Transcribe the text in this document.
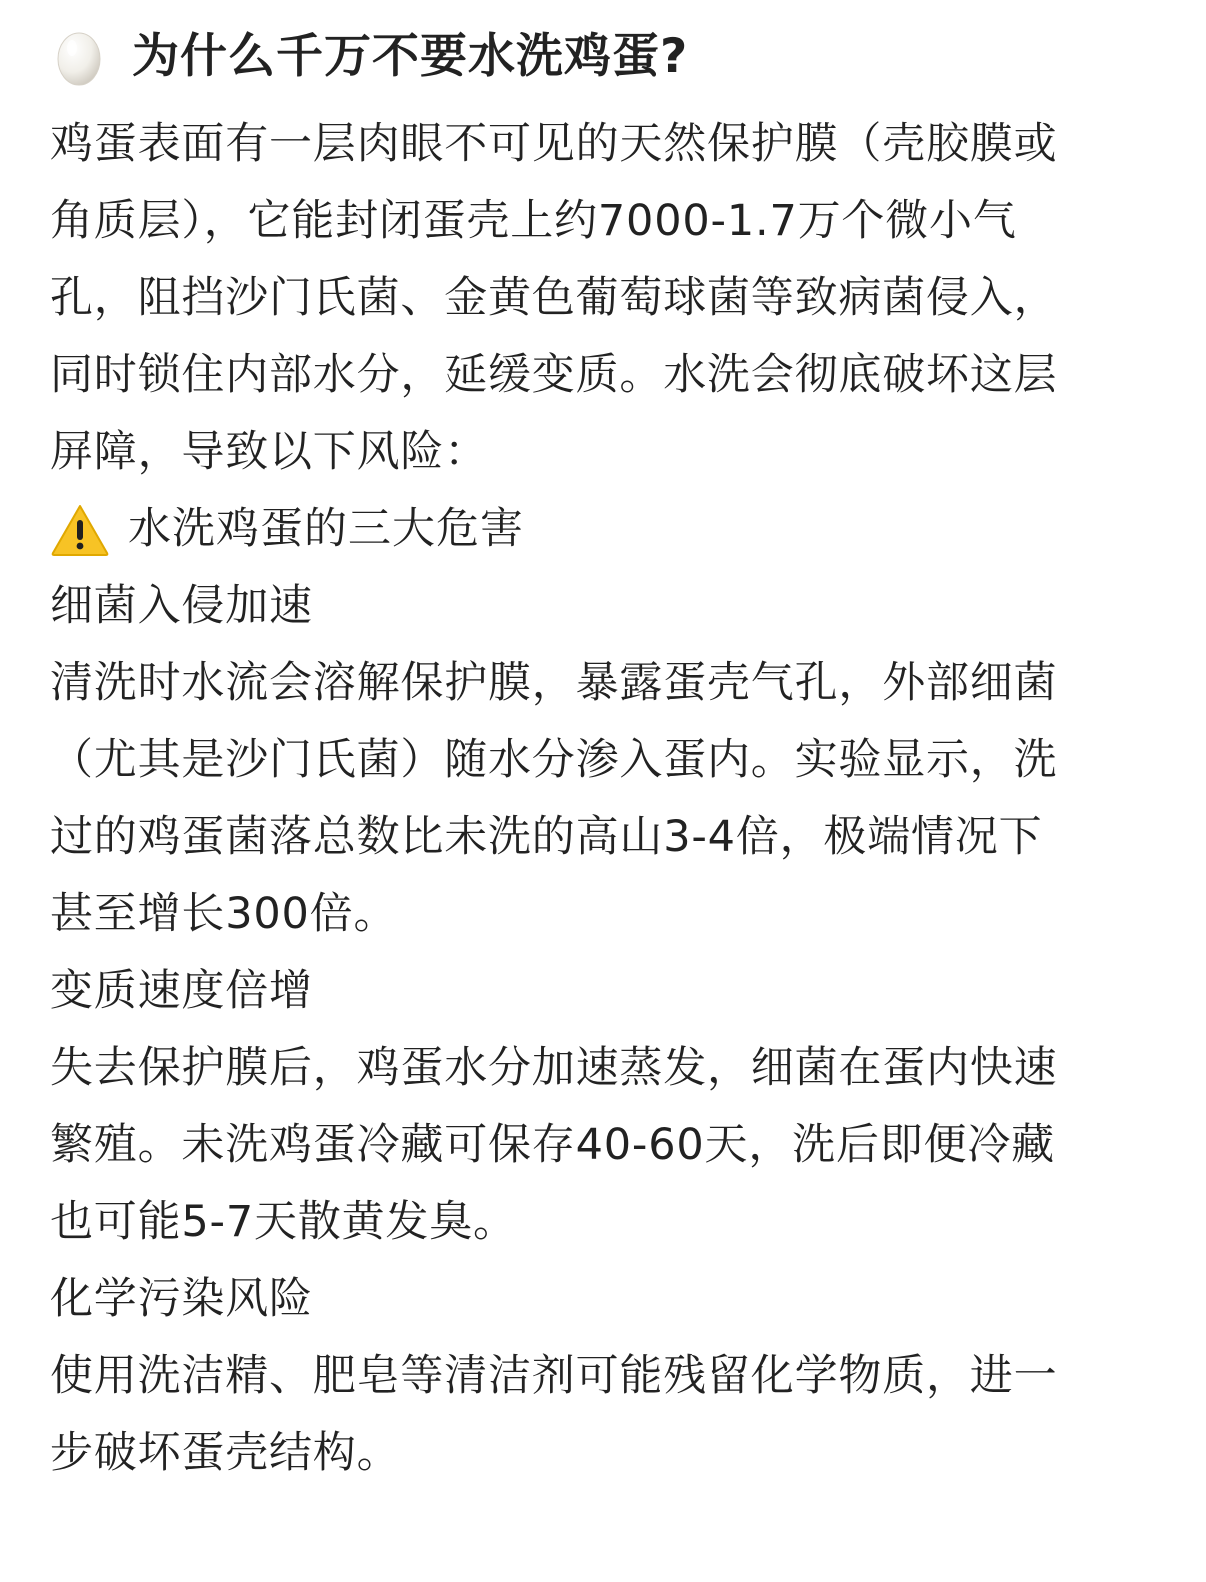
为什么千万不要水洗鸡蛋?
鸡蛋表面有一层肉眼不可见的天然保护膜（壳胶膜或
角质层），它能封闭蛋壳上约7000-1.7万个微小气
孔，阻挡沙门氏菌、金黄色葡萄球菌等致病菌侵入，
同时锁住内部水分，延缓变质。水洗会彻底破坏这层
屏障，导致以下风险：
水洗鸡蛋的三大危害
细菌入侵加速
清洗时水流会溶解保护膜，暴露蛋壳气孔，外部细菌
（尤其是沙门氏菌）随水分渗入蛋内。实验显示，洗
过的鸡蛋菌落总数比未洗的高山3-4倍，极端情况下
甚至增长300倍。
变质速度倍增
失去保护膜后，鸡蛋水分加速蒸发，细菌在蛋内快速
繁殖。未洗鸡蛋冷藏可保存40-60天，洗后即便冷藏
也可能5-7天散黄发臭。
化学污染风险
使用洗洁精、肥皂等清洁剂可能残留化学物质，进一
步破坏蛋壳结构。
